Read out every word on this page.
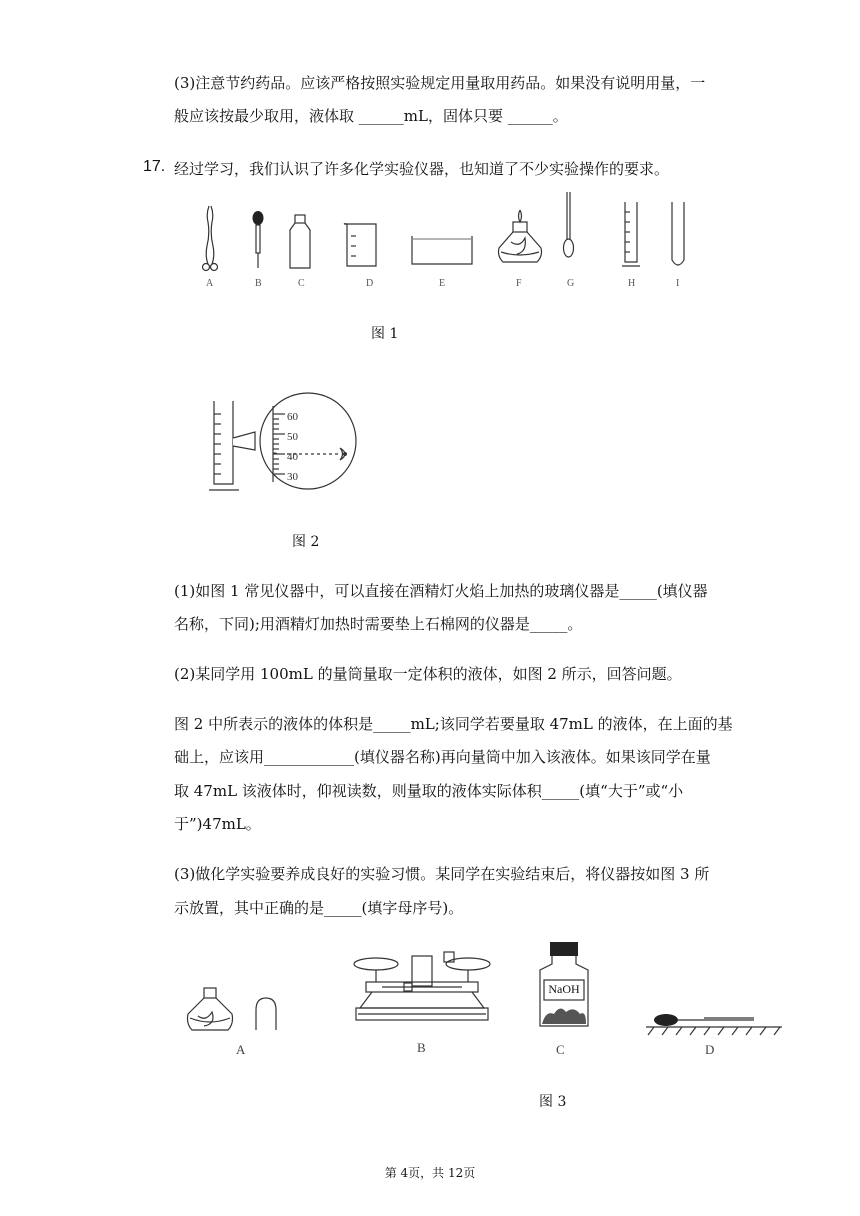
(3)注意节约药品。应该严格按照实验规定用量取用药品。如果没有说明用量，一
般应该按最少取用，液体取 ______mL，固体只要 ______。
17. 经过学习，我们认识了许多化学实验仪器，也知道了不少实验操作的要求。
A	B	C	D	E	F	G	H	I
图 1
60
50
40
30
图 2
(1)如图 1 常见仪器中，可以直接在酒精灯火焰上加热的玻璃仪器是_____(填仪器
名称，下同);用酒精灯加热时需要垫上石棉网的仪器是_____。
(2)某同学用 100mL 的量筒量取一定体积的液体，如图 2 所示，回答问题。
图 2 中所表示的液体的体积是_____mL;该同学若要量取 47mL 的液体，在上面的基
础上，应该用____________(填仪器名称)再向量筒中加入该液体。如果该同学在量
取 47mL 该液体时，仰视读数，则量取的液体实际体积_____(填“大于”或“小
于”)47mL。
(3)做化学实验要养成良好的实验习惯。某同学在实验结束后，将仪器按如图 3 所
示放置，其中正确的是_____(填字母序号)。
NaOH
A	B	C	D
图 3
第 4页，共 12页
